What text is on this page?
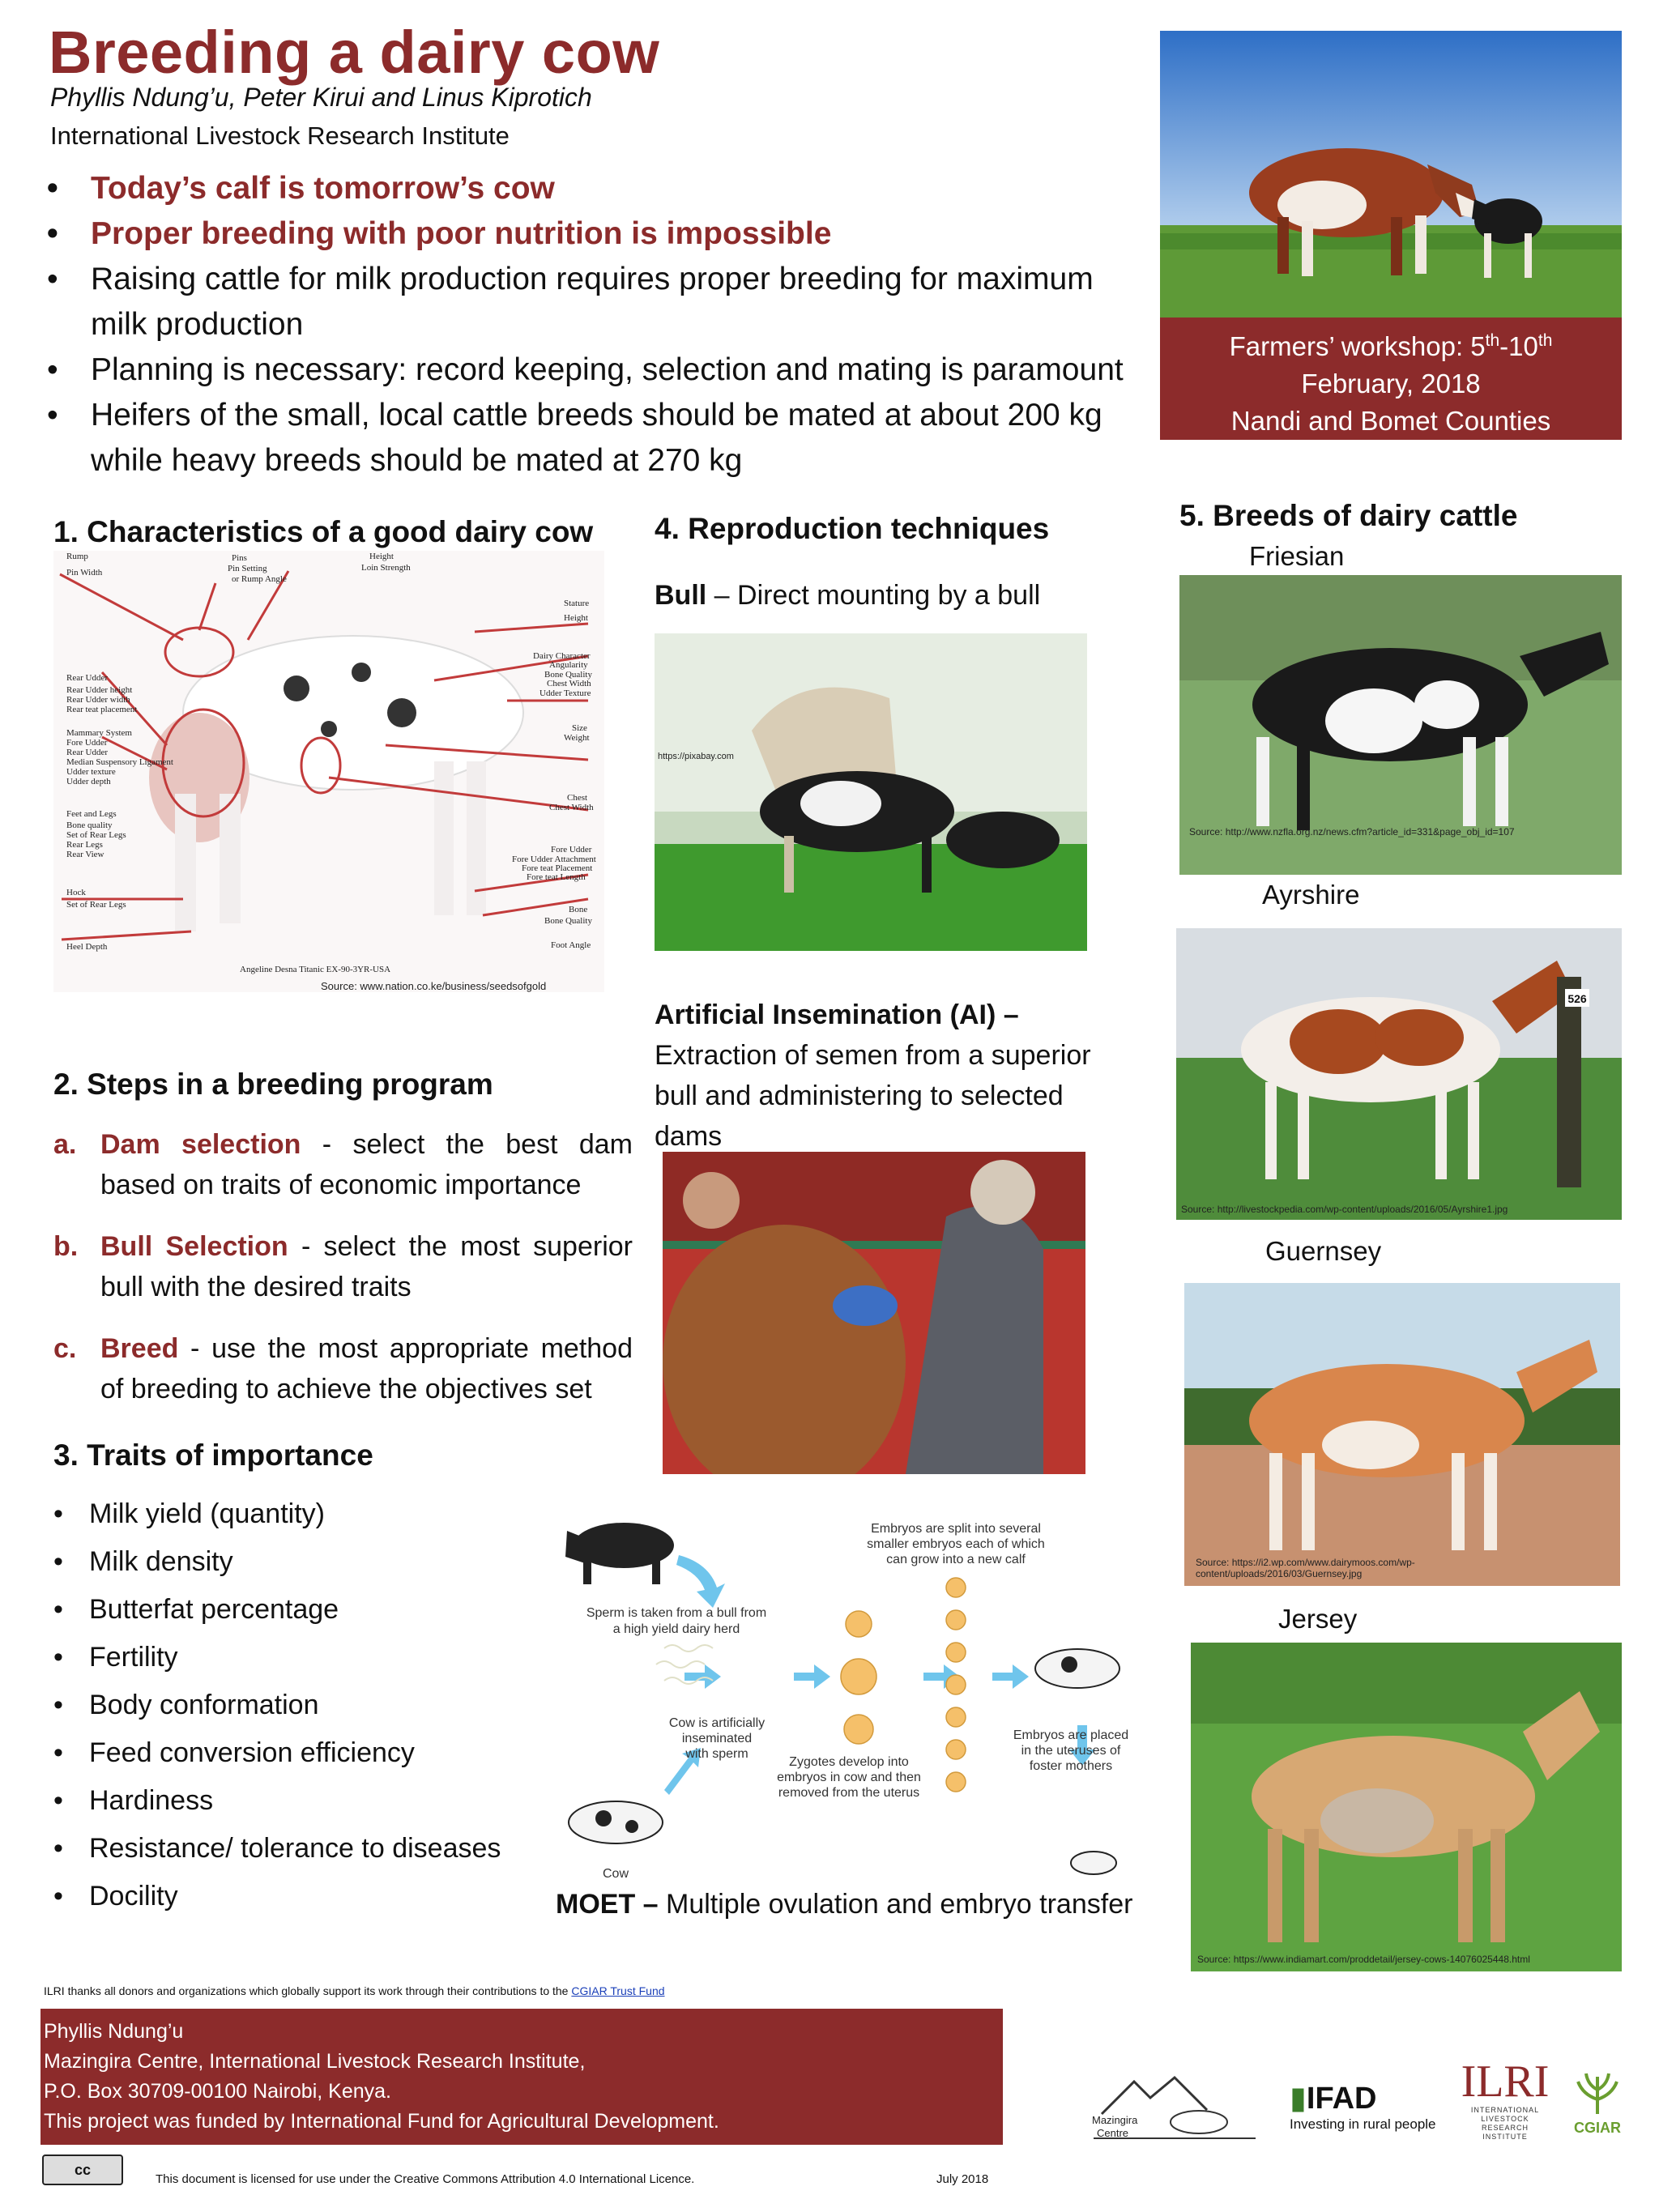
Breeding a dairy cow
Phyllis Ndung’u, Peter Kirui and Linus Kiprotich
International Livestock Research Institute
• Today’s calf is tomorrow’s cow
• Proper breeding with poor nutrition is impossible
• Raising cattle for milk production requires proper breeding for maximum milk production
• Planning is necessary: record keeping, selection and mating is paramount
• Heifers of the small, local cattle breeds should be mated at about 200 kg while heavy breeds should be mated at 270 kg
Farmers’ workshop: 5th-10th
February, 2018
Nandi and Bomet Counties
1. Characteristics of a good dairy cow
Rump
Pin Width
Pins
Pin Setting
or Rump Angle
Height
Loin Strength
Rear Udder
Rear Udder height
Rear Udder width
Rear teat placement
Mammary System
Fore Udder
Rear Udder
Median Suspensory Ligament
Udder texture
Udder depth
Feet and Legs
Bone quality
Set of Rear Legs
Rear Legs
Rear View
Hock
Set of Rear Legs
Heel Depth
Stature
Height
Dairy Character
Angularity
Bone Quality
Chest Width
Udder Texture
Size
Weight
Chest
Chest Width
Fore Udder
Fore Udder Attachment
Fore teat Placement
Fore teat Length
Bone
Bone Quality
Foot Angle
Angeline Desna Titanic EX-90-3YR-USA
Source: www.nation.co.ke/business/seedsofgold
2. Steps in a breeding program
a. Dam selection - select the best dam based on traits of economic importance
b. Bull Selection - select the most superior bull with the desired traits
c. Breed - use the most appropriate method of breeding to achieve the objectives set
3. Traits of importance
• Milk yield (quantity)
• Milk density
• Butterfat percentage
• Fertility
• Body conformation
• Feed conversion efficiency
• Hardiness
• Resistance/ tolerance to diseases
• Docility
4. Reproduction techniques
Bull – Direct mounting by a bull
https://pixabay.com
Artificial Insemination (AI) –
Extraction of semen from a superior bull and administering to selected dams
Sperm is taken from a bull from
a high yield dairy herd
Cow is artificially
inseminated
with sperm
Zygotes develop into
embryos in cow and then
removed from the uterus
Embryos are split into several
smaller embryos each of which
can grow into a new calf
Embryos are placed
in the uteruses of
foster mothers
Cow
MOET – Multiple ovulation and embryo transfer
5. Breeds of dairy cattle
Friesian
Source: http://www.nzfla.org.nz/news.cfm?article_id=331&page_obj_id=107
Ayrshire
526
Source: http://livestockpedia.com/wp-content/uploads/2016/05/Ayrshire1.jpg
Guernsey
Source: https://i2.wp.com/www.dairymoos.com/wp-
content/uploads/2016/03/Guernsey.jpg
Jersey
Source: https://www.indiamart.com/proddetail/jersey-cows-14076025448.html
ILRI thanks all donors and organizations which globally support its work through their contributions to the CGIAR Trust Fund
Phyllis Ndung’u
Mazingira Centre, International Livestock Research Institute,
P.O. Box 30709-00100 Nairobi, Kenya.
This project was funded by International Fund for Agricultural Development.
cc
This document is licensed for use under the Creative Commons Attribution 4.0 International Licence.	July 2018
Mazingira
Centre
▮IFAD
Investing in rural people
ILRI
INTERNATIONAL
LIVESTOCK RESEARCH
INSTITUTE
CGIAR
